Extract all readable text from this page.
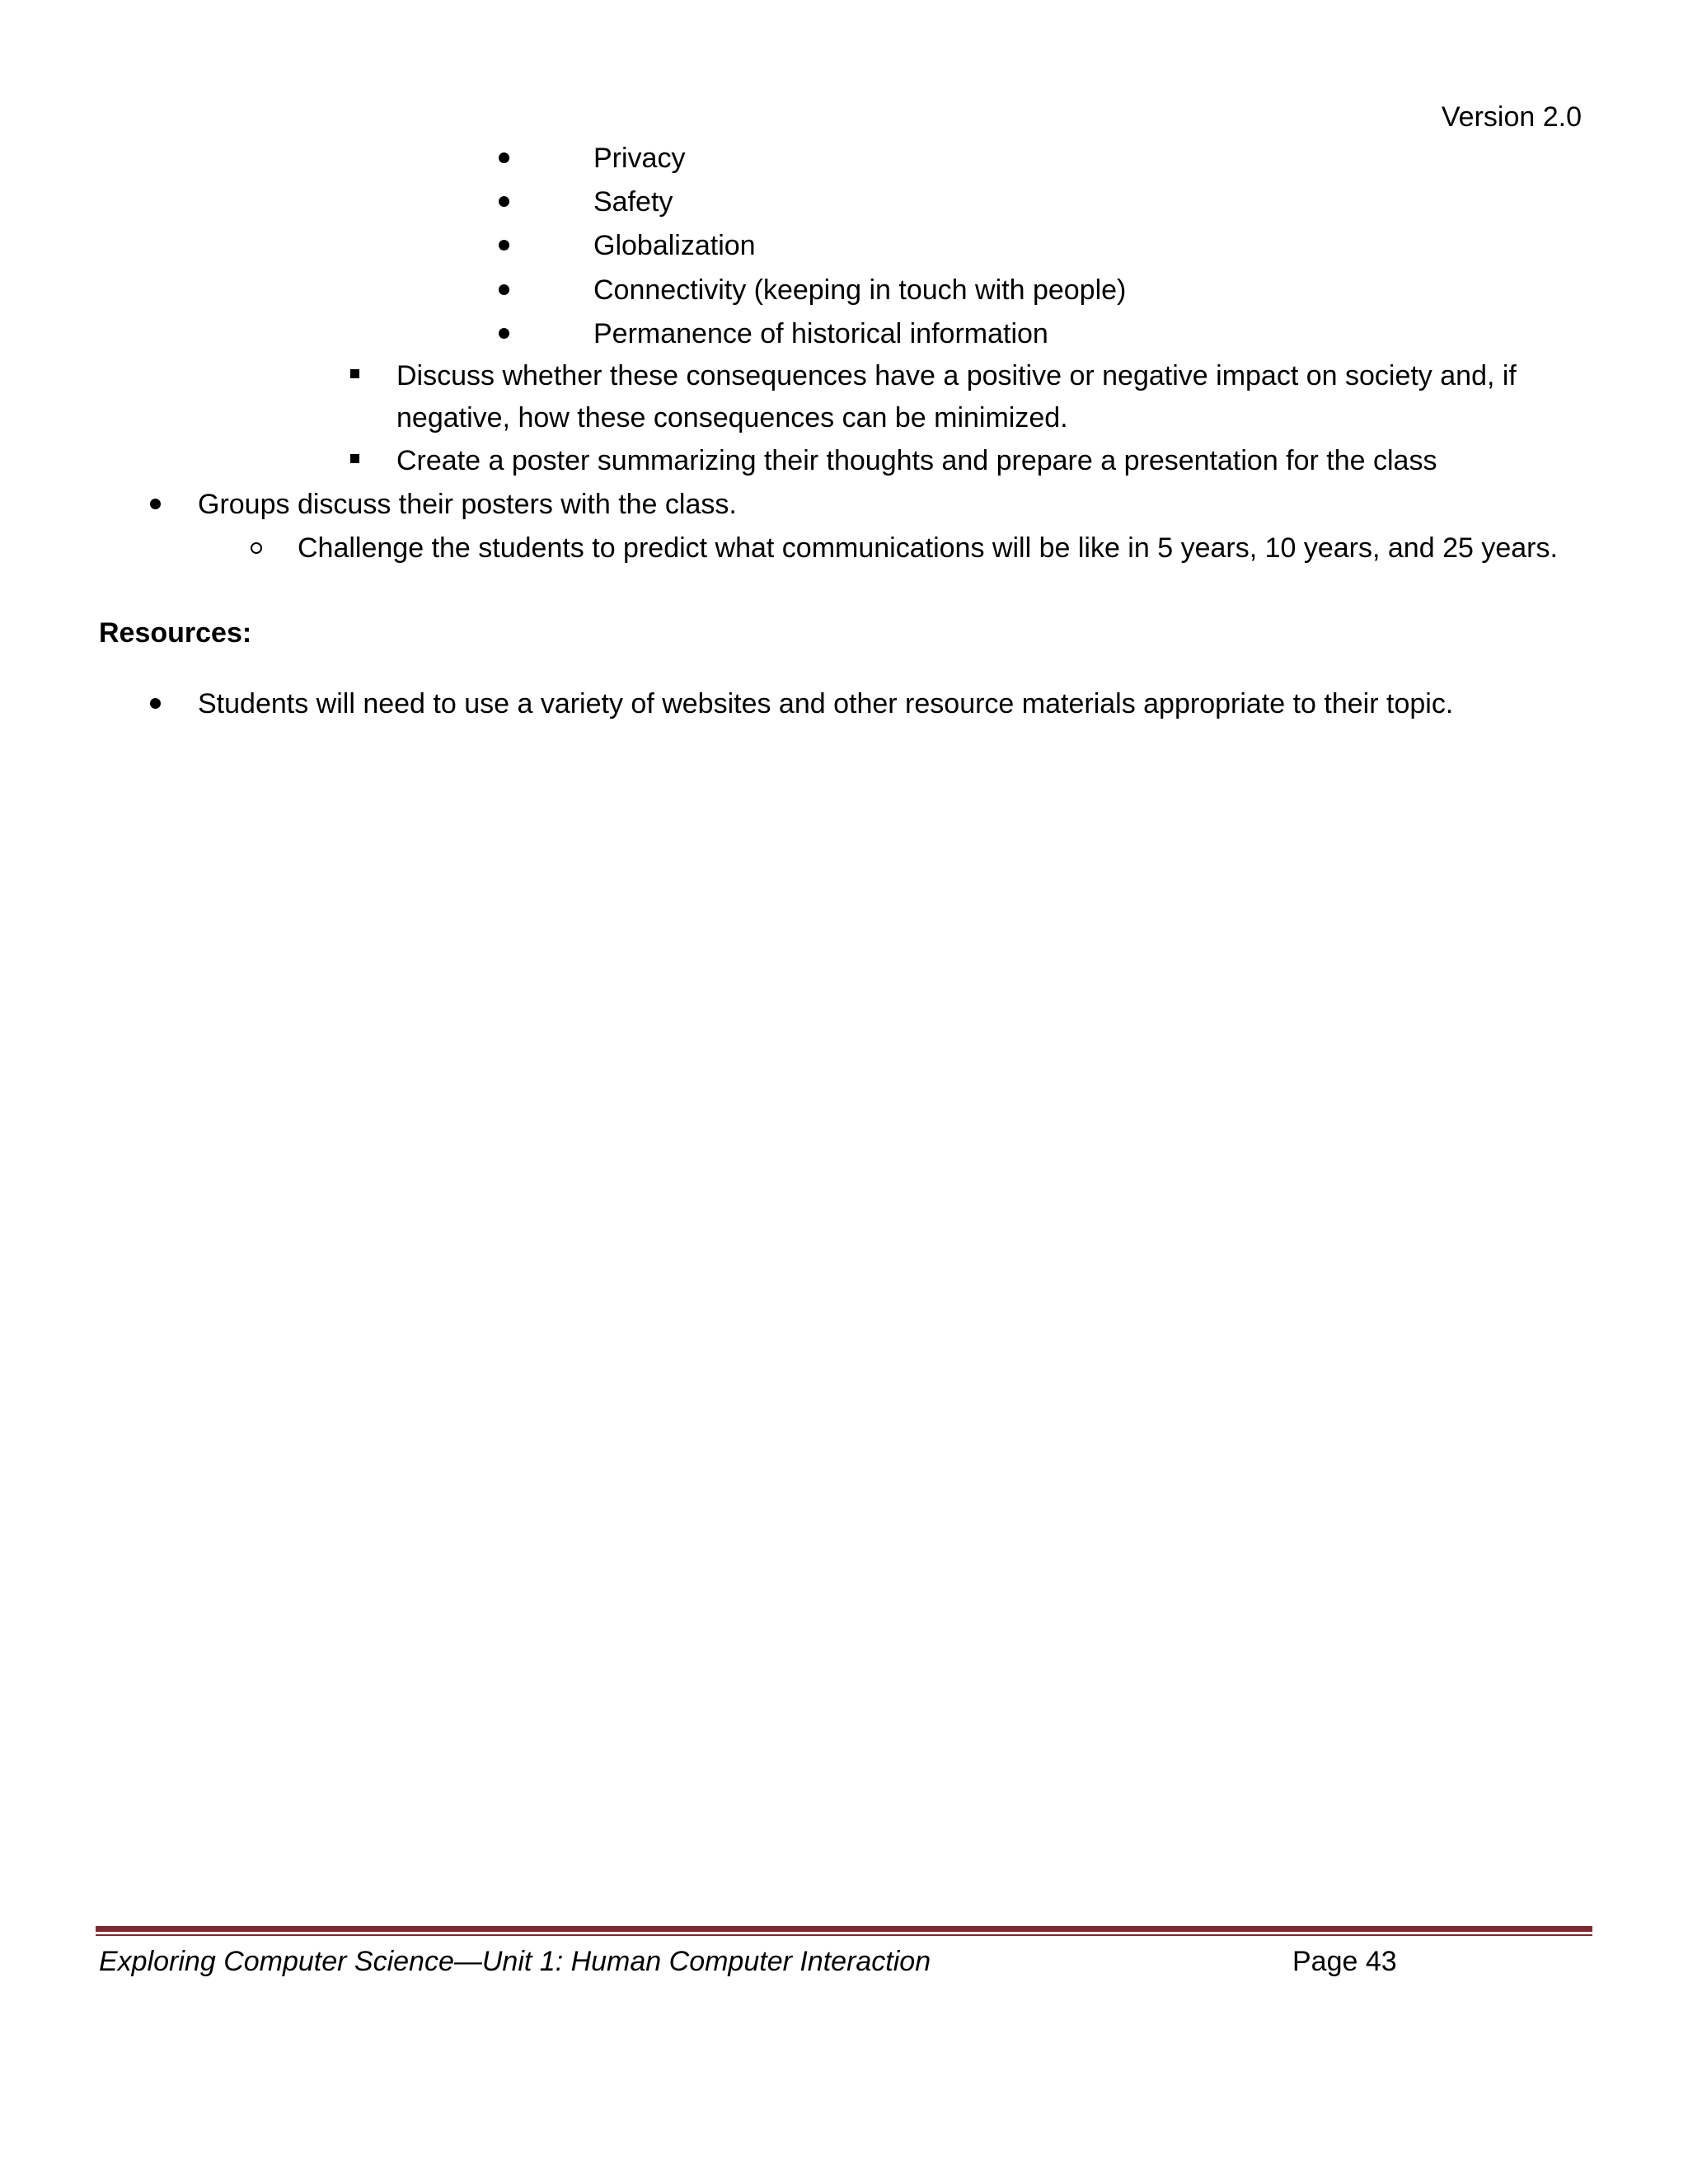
Version 2.0
Privacy
Safety
Globalization
Connectivity (keeping in touch with people)
Permanence of historical information
Discuss whether these consequences have a positive or negative impact on society and, if
negative, how these consequences can be minimized.
Create a poster summarizing their thoughts and prepare a presentation for the class
Groups discuss their posters with the class.
Challenge the students to predict what communications will be like in 5 years, 10 years, and 25 years.
Resources:
Students will need to use a variety of websites and other resource materials appropriate to their topic.
Exploring Computer Science—Unit 1: Human Computer Interaction	Page 43
